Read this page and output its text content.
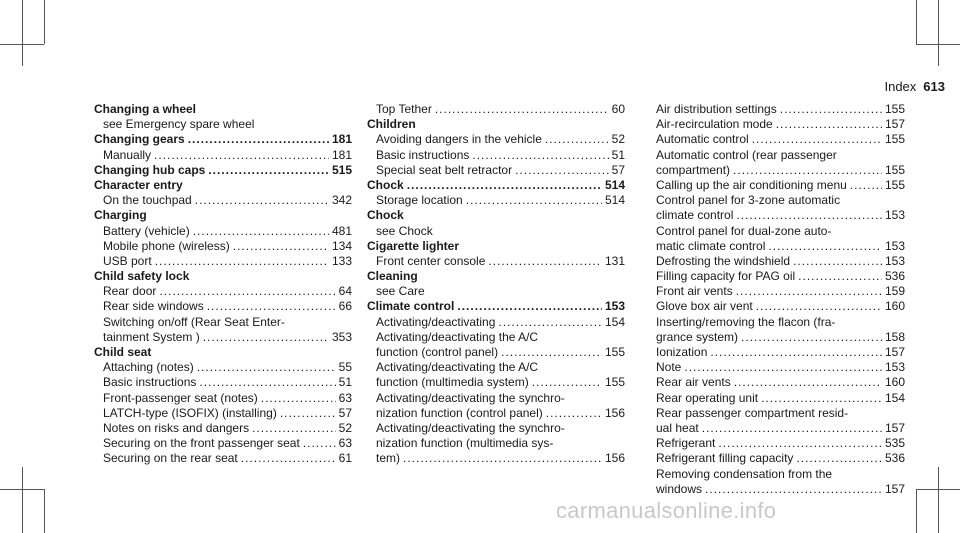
Index 613
Changing a wheel
see Emergency spare wheel
Changing gears .....	181
Manually .....	181
Changing hub caps .....	515
Character entry
On the touchpad .....	342
Charging
Battery (vehicle) .....	481
Mobile phone (wireless) .....	134
USB port .....	133
Child safety lock
Rear door .....	64
Rear side windows .....	66
Switching on/off (Rear Seat Enter-
tainment System ) .....	353
Child seat
Attaching (notes) .....	55
Basic instructions .....	51
Front-passenger seat (notes) .....	63
LATCH-type (ISOFIX) (installing) .....	57
Notes on risks and dangers .....	52
Securing on the front passenger seat .....	63
Securing on the rear seat .....	61
Top Tether .....	60
Children
Avoiding dangers in the vehicle .....	52
Basic instructions .....	51
Special seat belt retractor .....	57
Chock .....	514
Storage location .....	514
Chock
see Chock
Cigarette lighter
Front center console .....	131
Cleaning
see Care
Climate control .....	153
Activating/deactivating .....	154
Activating/deactivating the A/C
function (control panel) .....	155
Activating/deactivating the A/C
function (multimedia system) .....	155
Activating/deactivating the synchro-
nization function (control panel) .....	156
Activating/deactivating the synchro-
nization function (multimedia sys-
tem) .....	156
Air distribution settings .....	155
Air-recirculation mode .....	157
Automatic control .....	155
Automatic control (rear passenger
compartment) .....	155
Calling up the air conditioning menu .....	155
Control panel for 3-zone automatic
climate control .....	153
Control panel for dual-zone auto-
matic climate control .....	153
Defrosting the windshield .....	153
Filling capacity for PAG oil .....	536
Front air vents .....	159
Glove box air vent .....	160
Inserting/removing the flacon (fra-
grance system) .....	158
Ionization .....	157
Note .....	153
Rear air vents .....	160
Rear operating unit .....	154
Rear passenger compartment resid-
ual heat .....	157
Refrigerant .....	535
Refrigerant filling capacity .....	536
Removing condensation from the
windows .....	157
carmanualsonline.info
